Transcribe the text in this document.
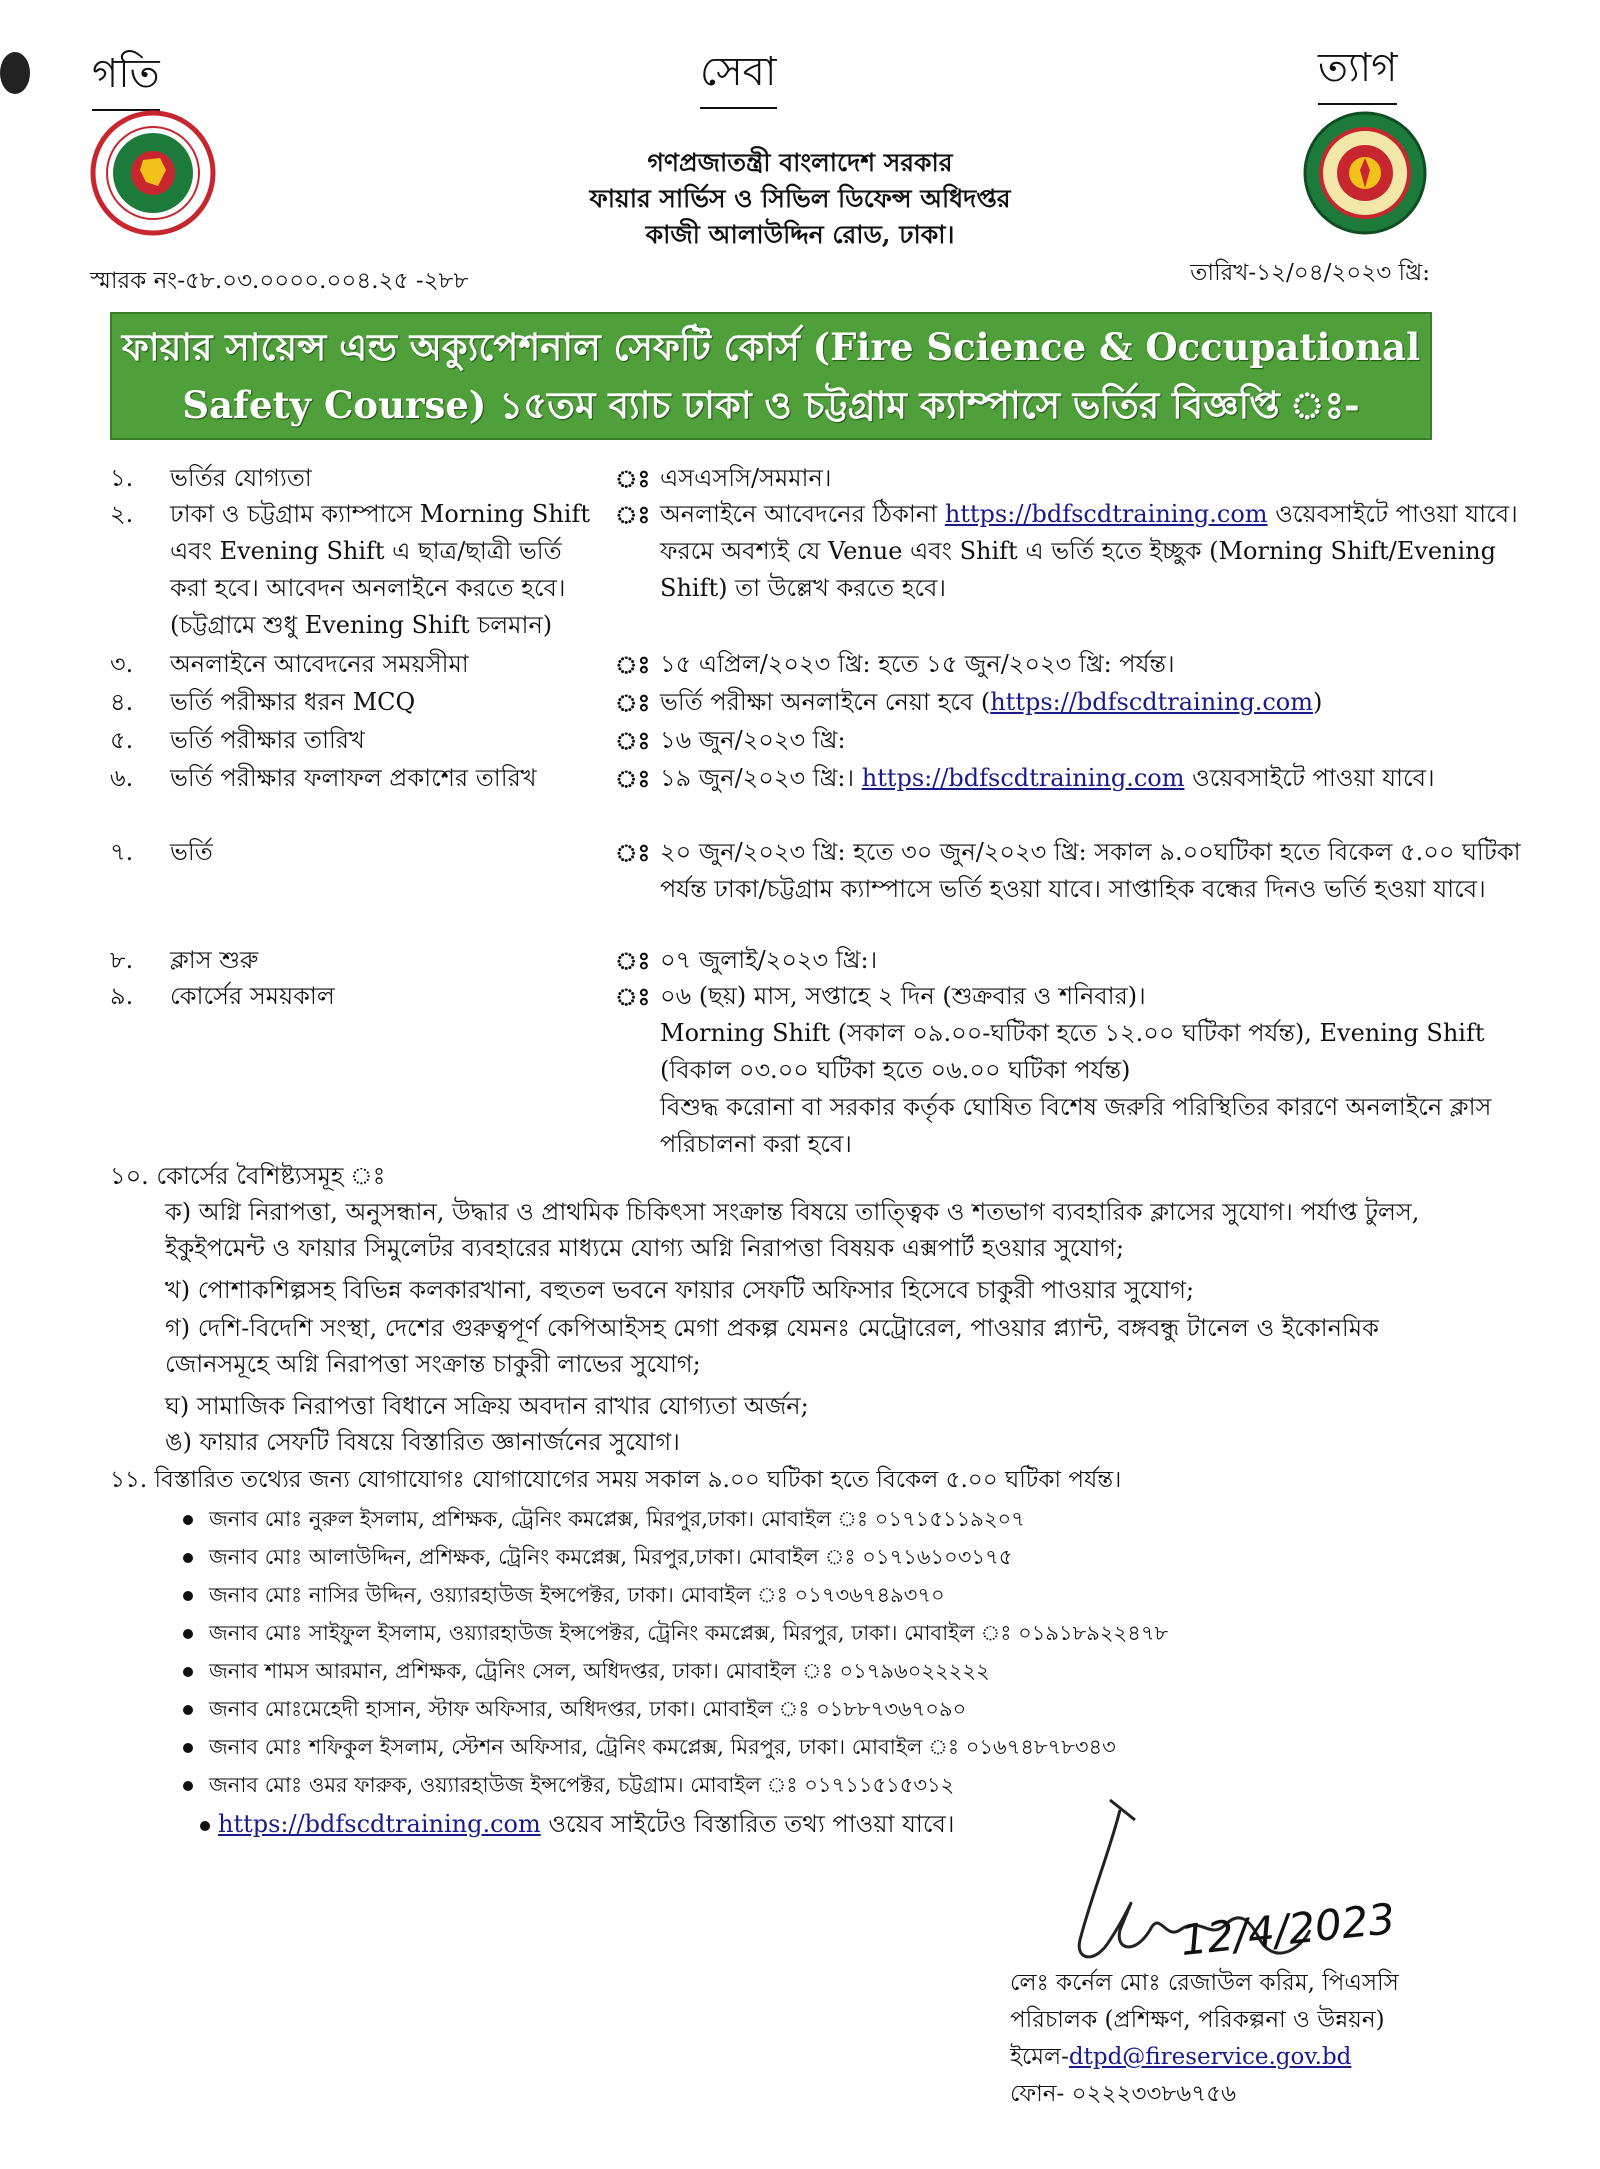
গতি	সেবা	ত্যাগ
গণপ্রজাতন্ত্রী বাংলাদেশ সরকার
ফায়ার সার্ভিস ও সিভিল ডিফেন্স অধিদপ্তর
কাজী আলাউদ্দিন রোড, ঢাকা।
স্মারক নং-৫৮.০৩.০০০০.০০৪.২৫ -২৮৮	তারিখ-১২/০৪/২০২৩ খ্রি:
ফায়ার সায়েন্স এন্ড অক্যুপেশনাল সেফটি কোর্স (Fire Science & Occupational
Safety Course) ১৫তম ব্যাচ ঢাকা ও চট্টগ্রাম ক্যাম্পাসে ভর্তির বিজ্ঞপ্তি ঃ-
১.	ভর্তির যোগ্যতা	ঃ এসএসসি/সমমান।
২.	ঢাকা ও চট্টগ্রাম ক্যাম্পাসে Morning Shift এবং Evening Shift এ ছাত্র/ছাত্রী ভর্তি করা হবে। আবেদন অনলাইনে করতে হবে। (চট্টগ্রামে শুধু Evening Shift চলমান)
ঃ অনলাইনে আবেদনের ঠিকানা https://bdfscdtraining.com ওয়েবসাইটে পাওয়া যাবে। ফরমে অবশ্যই যে Venue এবং Shift এ ভর্তি হতে ইচ্ছুক (Morning Shift/Evening Shift) তা উল্লেখ করতে হবে।
৩.	অনলাইনে আবেদনের সময়সীমা	ঃ ১৫ এপ্রিল/২০২৩ খ্রি: হতে ১৫ জুন/২০২৩ খ্রি: পর্যন্ত।
৪.	ভর্তি পরীক্ষার ধরন MCQ	ঃ ভর্তি পরীক্ষা অনলাইনে নেয়া হবে (https://bdfscdtraining.com)
৫.	ভর্তি পরীক্ষার তারিখ	ঃ ১৬ জুন/২০২৩ খ্রি:
৬.	ভর্তি পরীক্ষার ফলাফল প্রকাশের তারিখ	ঃ ১৯ জুন/২০২৩ খ্রি:। https://bdfscdtraining.com ওয়েবসাইটে পাওয়া যাবে।
৭.	ভর্তি	ঃ ২০ জুন/২০২৩ খ্রি: হতে ৩০ জুন/২০২৩ খ্রি: সকাল ৯.০০ঘটিকা হতে বিকেল ৫.০০ ঘটিকা পর্যন্ত ঢাকা/চট্টগ্রাম ক্যাম্পাসে ভর্তি হওয়া যাবে। সাপ্তাহিক বন্ধের দিনও ভর্তি হওয়া যাবে।
৮.	ক্লাস শুরু	ঃ ০৭ জুলাই/২০২৩ খ্রি:।
৯.	কোর্সের সময়কাল	ঃ ০৬ (ছয়) মাস, সপ্তাহে ২ দিন (শুক্রবার ও শনিবার)।
Morning Shift (সকাল ০৯.০০-ঘটিকা হতে ১২.০০ ঘটিকা পর্যন্ত), Evening Shift (বিকাল ০৩.০০ ঘটিকা হতে ০৬.০০ ঘটিকা পর্যন্ত)
বিশুদ্ধ করোনা বা সরকার কর্তৃক ঘোষিত বিশেষ জরুরি পরিস্থিতির কারণে অনলাইনে ক্লাস পরিচালনা করা হবে।
১০. কোর্সের বৈশিষ্ট্যসমূহ ঃ
ক) অগ্নি নিরাপত্তা, অনুসন্ধান, উদ্ধার ও প্রাথমিক চিকিৎসা সংক্রান্ত বিষয়ে তাত্ত্বিক ও শতভাগ ব্যবহারিক ক্লাসের সুযোগ। পর্যাপ্ত টুলস, ইকুইপমেন্ট ও ফায়ার সিমুলেটর ব্যবহারের মাধ্যমে যোগ্য অগ্নি নিরাপত্তা বিষয়ক এক্সপার্ট হওয়ার সুযোগ;
খ) পোশাকশিল্পসহ বিভিন্ন কলকারখানা, বহুতল ভবনে ফায়ার সেফটি অফিসার হিসেবে চাকুরী পাওয়ার সুযোগ;
গ) দেশি-বিদেশি সংস্থা, দেশের গুরুত্বপূর্ণ কেপিআইসহ মেগা প্রকল্প যেমনঃ মেট্রোরেল, পাওয়ার প্ল্যান্ট, বঙ্গবন্ধু টানেল ও ইকোনমিক জোনসমূহে অগ্নি নিরাপত্তা সংক্রান্ত চাকুরী লাভের সুযোগ;
ঘ) সামাজিক নিরাপত্তা বিধানে সক্রিয় অবদান রাখার যোগ্যতা অর্জন;
ঙ) ফায়ার সেফটি বিষয়ে বিস্তারিত জ্ঞানার্জনের সুযোগ।
১১. বিস্তারিত তথ্যের জন্য যোগাযোগঃ যোগাযোগের সময় সকাল ৯.০০ ঘটিকা হতে বিকেল ৫.০০ ঘটিকা পর্যন্ত।
জনাব মোঃ নুরুল ইসলাম, প্রশিক্ষক, ট্রেনিং কমপ্লেক্স, মিরপুর,ঢাকা। মোবাইল ঃ ০১৭১৫১১৯২০৭
জনাব মোঃ আলাউদ্দিন, প্রশিক্ষক, ট্রেনিং কমপ্লেক্স, মিরপুর,ঢাকা। মোবাইল ঃ ০১৭১৬১০৩১৭৫
জনাব মোঃ নাসির উদ্দিন, ওয়্যারহাউজ ইন্সপেক্টর, ঢাকা। মোবাইল ঃ ০১৭৩৬৭৪৯৩৭০
জনাব মোঃ সাইফুল ইসলাম, ওয়্যারহাউজ ইন্সপেক্টর, ট্রেনিং কমপ্লেক্স, মিরপুর, ঢাকা। মোবাইল ঃ ০১৯১৮৯২২৪৭৮
জনাব শামস আরমান, প্রশিক্ষক, ট্রেনিং সেল, অধিদপ্তর, ঢাকা। মোবাইল ঃ ০১৭৯৬০২২২২২
জনাব মোঃমেহেদী হাসান, স্টাফ অফিসার, অধিদপ্তর, ঢাকা। মোবাইল ঃ ০১৮৮৭৩৬৭০৯০
জনাব মোঃ শফিকুল ইসলাম, স্টেশন অফিসার, ট্রেনিং কমপ্লেক্স, মিরপুর, ঢাকা। মোবাইল ঃ ০১৬৭৪৮৭৮৩৪৩
জনাব মোঃ ওমর ফারুক, ওয়্যারহাউজ ইন্সপেক্টর, চট্টগ্রাম। মোবাইল ঃ ০১৭১১৫১৫৩১২
https://bdfscdtraining.com ওয়েব সাইটেও বিস্তারিত তথ্য পাওয়া যাবে।
12/4/2023
লেঃ কর্নেল মোঃ রেজাউল করিম, পিএসসি
পরিচালক (প্রশিক্ষণ, পরিকল্পনা ও উন্নয়ন)
ইমেল-dtpd@fireservice.gov.bd
ফোন- ০২২২৩৩৮৬৭৫৬
